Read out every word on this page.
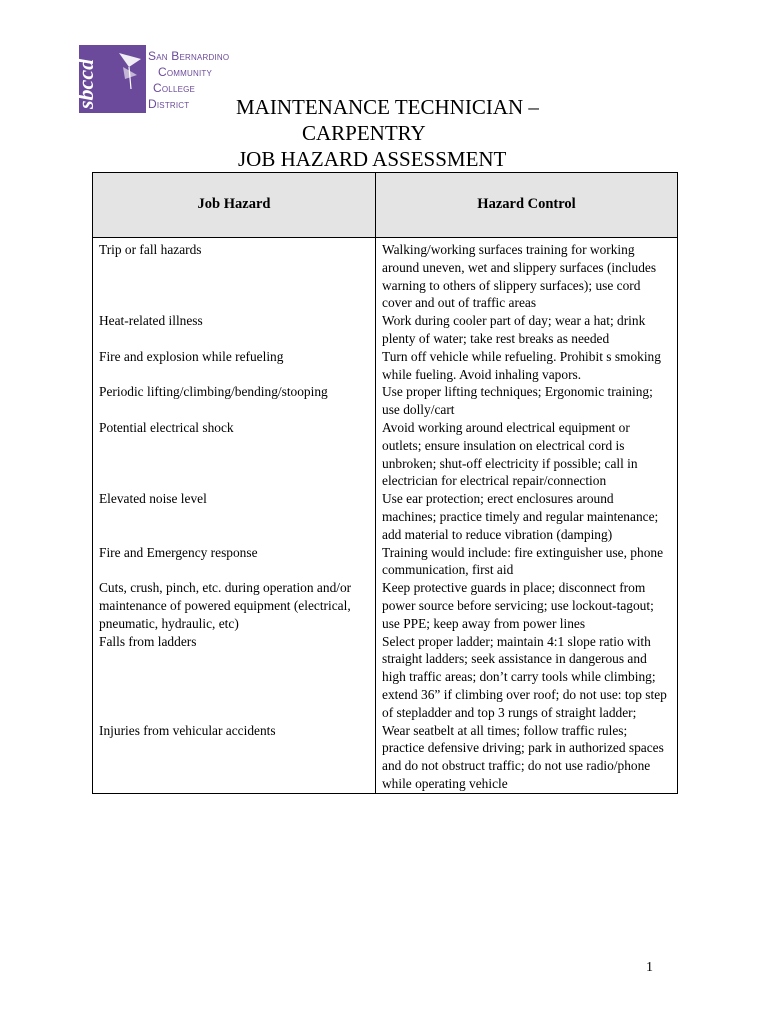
sbccd
San Bernardino
Community
College
District	MAINTENANCE TECHNICIAN –
CARPENTRY
JOB HAZARD ASSESSMENT
Job Hazard	Hazard Control
Trip or fall hazards	Walking/working surfaces training for working around uneven, wet and slippery surfaces (includes warning to others of slippery surfaces); use cord cover and out of traffic areas
Heat-related illness	Work during cooler part of day; wear a hat; drink plenty of water; take rest breaks as needed
Fire and explosion while refueling	Turn off vehicle while refueling. Prohibit s smoking while fueling. Avoid inhaling vapors.
Periodic lifting/climbing/bending/stooping	Use proper lifting techniques; Ergonomic training; use dolly/cart
Potential electrical shock	Avoid working around electrical equipment or outlets; ensure insulation on electrical cord is unbroken; shut-off electricity if possible; call in electrician for electrical repair/connection
Elevated noise level	Use ear protection; erect enclosures around machines; practice timely and regular maintenance; add material to reduce vibration (damping)
Fire and Emergency response	Training would include: fire extinguisher use, phone communication, first aid
Cuts, crush, pinch, etc. during operation and/or maintenance of powered equipment (electrical, pneumatic, hydraulic, etc)	Keep protective guards in place; disconnect from power source before servicing; use lockout-tagout; use PPE; keep away from power lines
Falls from ladders	Select proper ladder; maintain 4:1 slope ratio with straight ladders; seek assistance in dangerous and high traffic areas; don’t carry tools while climbing; extend 36” if climbing over roof; do not use: top step of stepladder and top 3 rungs of straight ladder;
Injuries from vehicular accidents	Wear seatbelt at all times; follow traffic rules; practice defensive driving; park in authorized spaces and do not obstruct traffic; do not use radio/phone while operating vehicle
1
